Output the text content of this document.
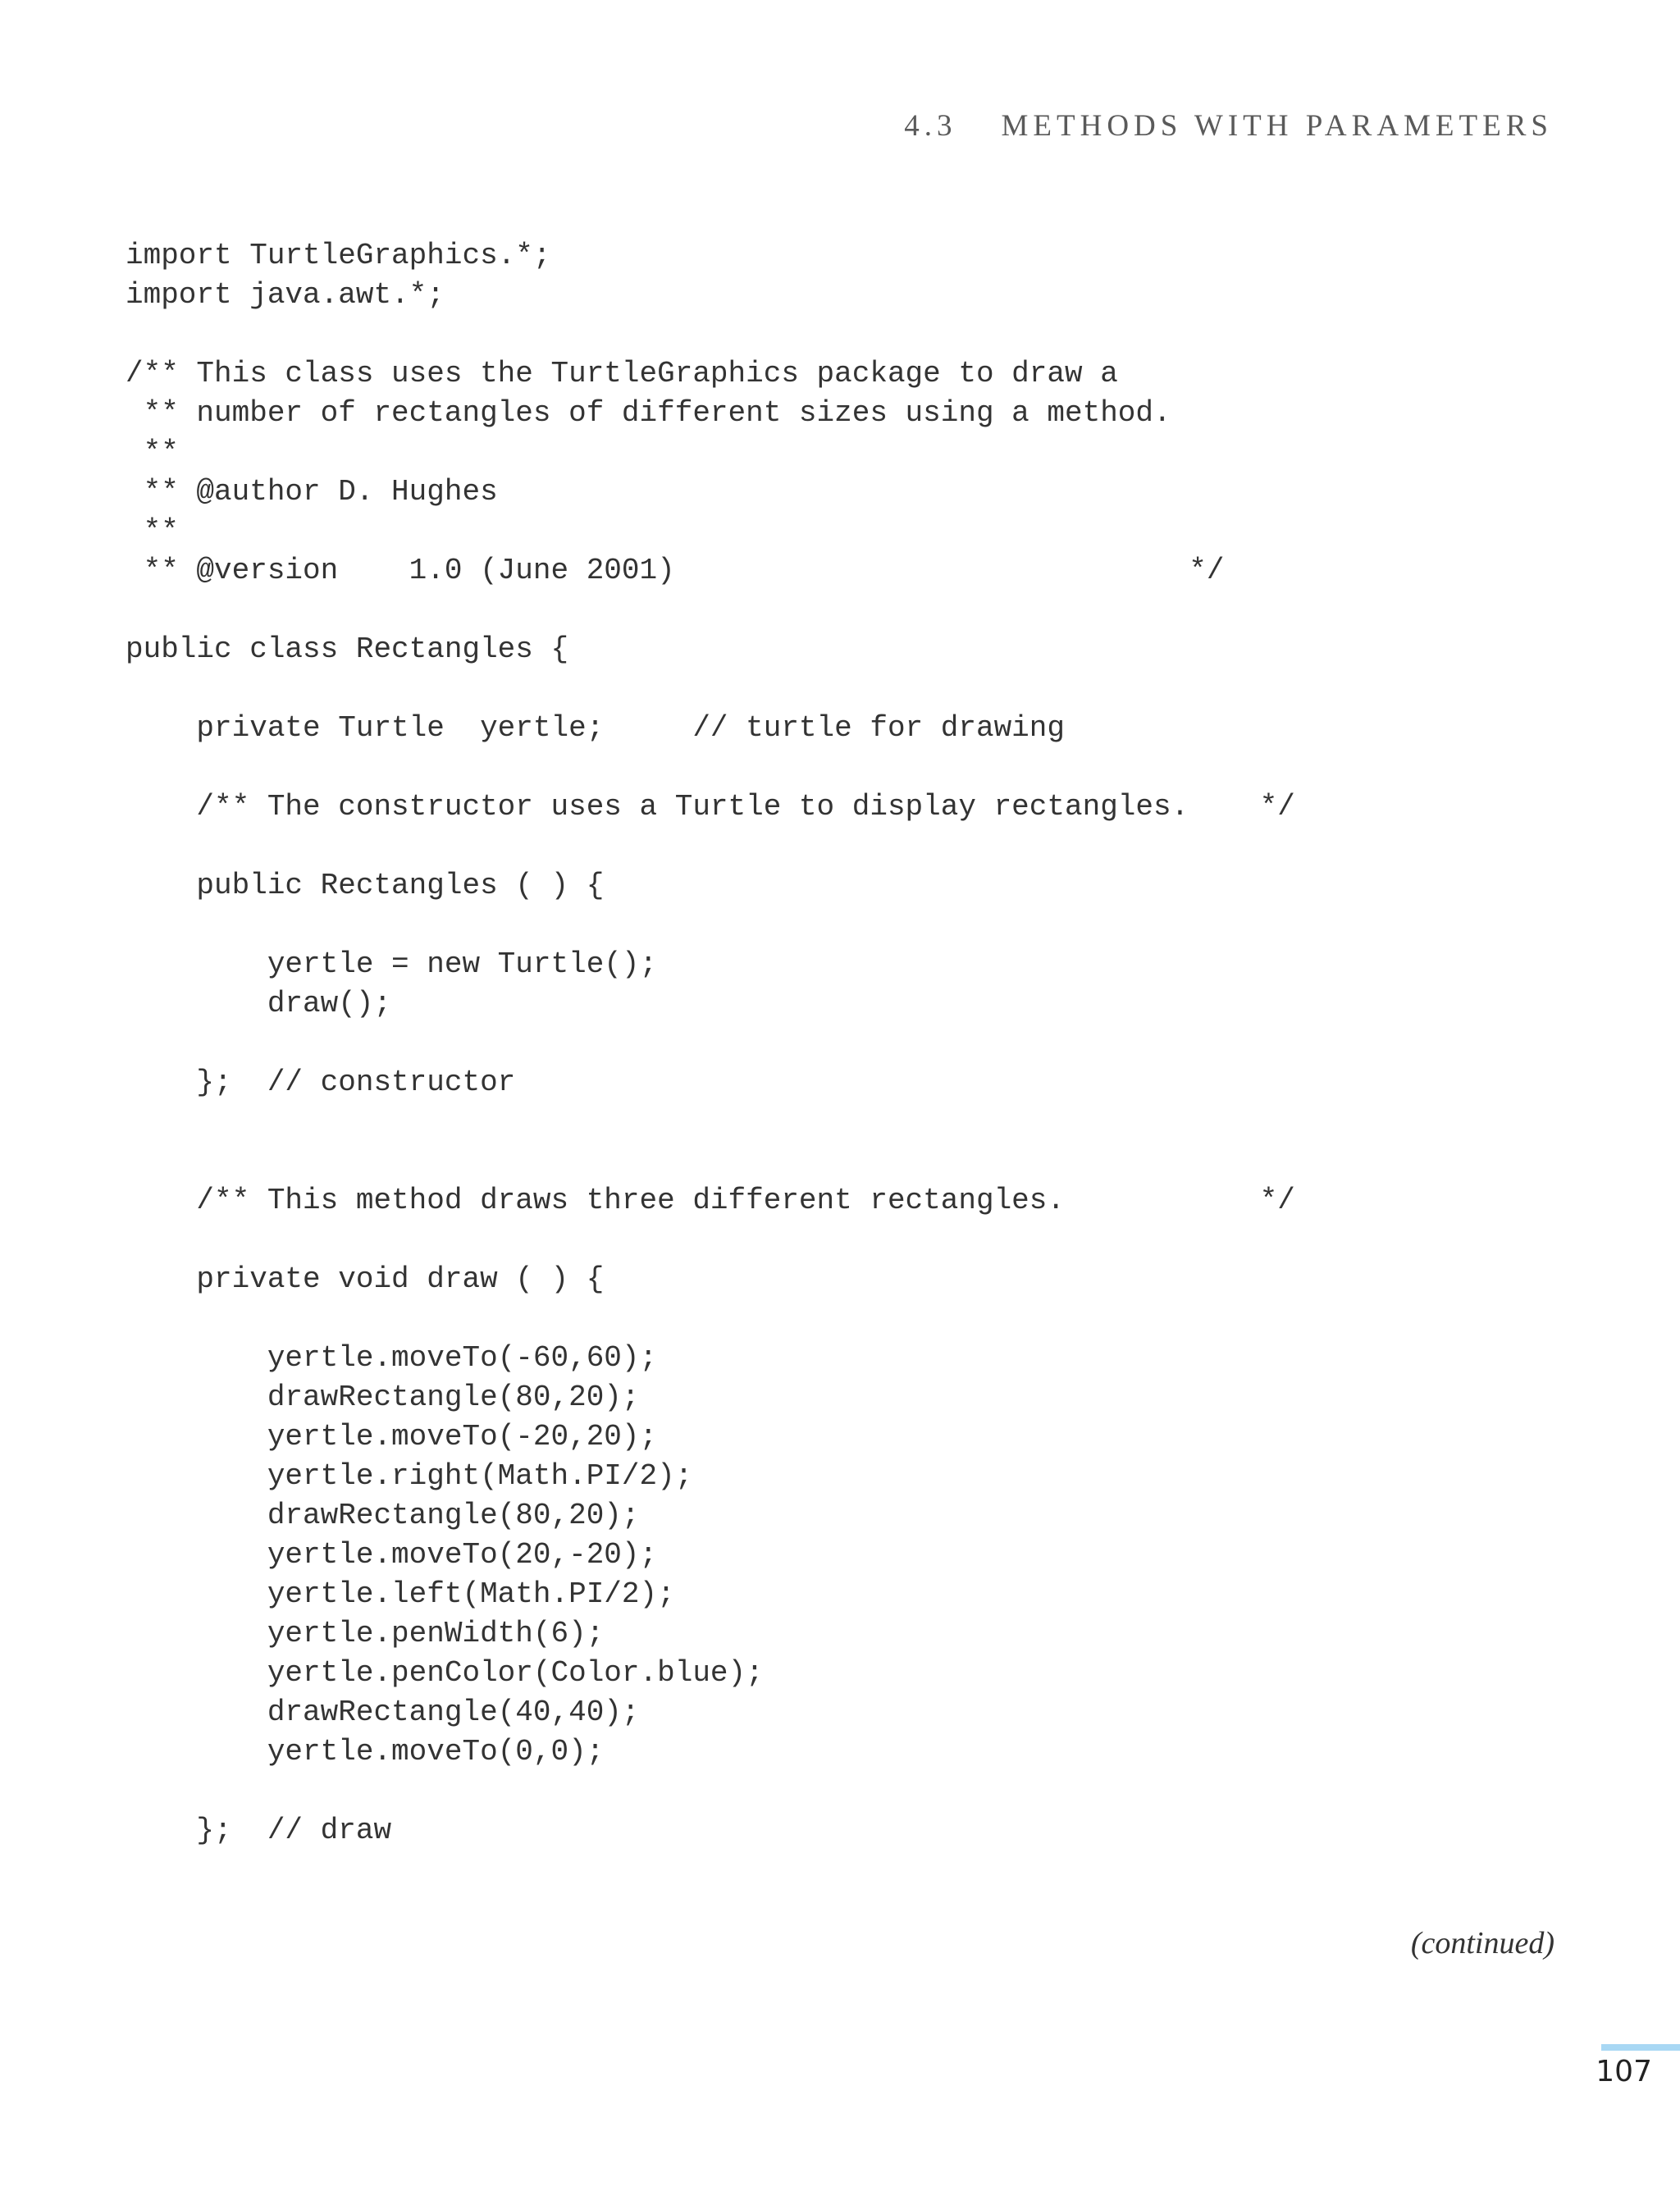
4.3 METHODS WITH PARAMETERS
import TurtleGraphics.*;
import java.awt.*;
/** This class uses the TurtleGraphics package to draw a
** number of rectangles of different sizes using a method.
**
** @author D. Hughes
**
** @version    1.0 (June 2001)                             */
public class Rectangles {
private Turtle  yertle;     // turtle for drawing
/** The constructor uses a Turtle to display rectangles.    */
public Rectangles ( ) {
yertle = new Turtle();
draw();
};  // constructor
/** This method draws three different rectangles.           */
private void draw ( ) {
yertle.moveTo(-60,60);
drawRectangle(80,20);
yertle.moveTo(-20,20);
yertle.right(Math.PI/2);
drawRectangle(80,20);
yertle.moveTo(20,-20);
yertle.left(Math.PI/2);
yertle.penWidth(6);
yertle.penColor(Color.blue);
drawRectangle(40,40);
yertle.moveTo(0,0);
};  // draw
(continued)
107
